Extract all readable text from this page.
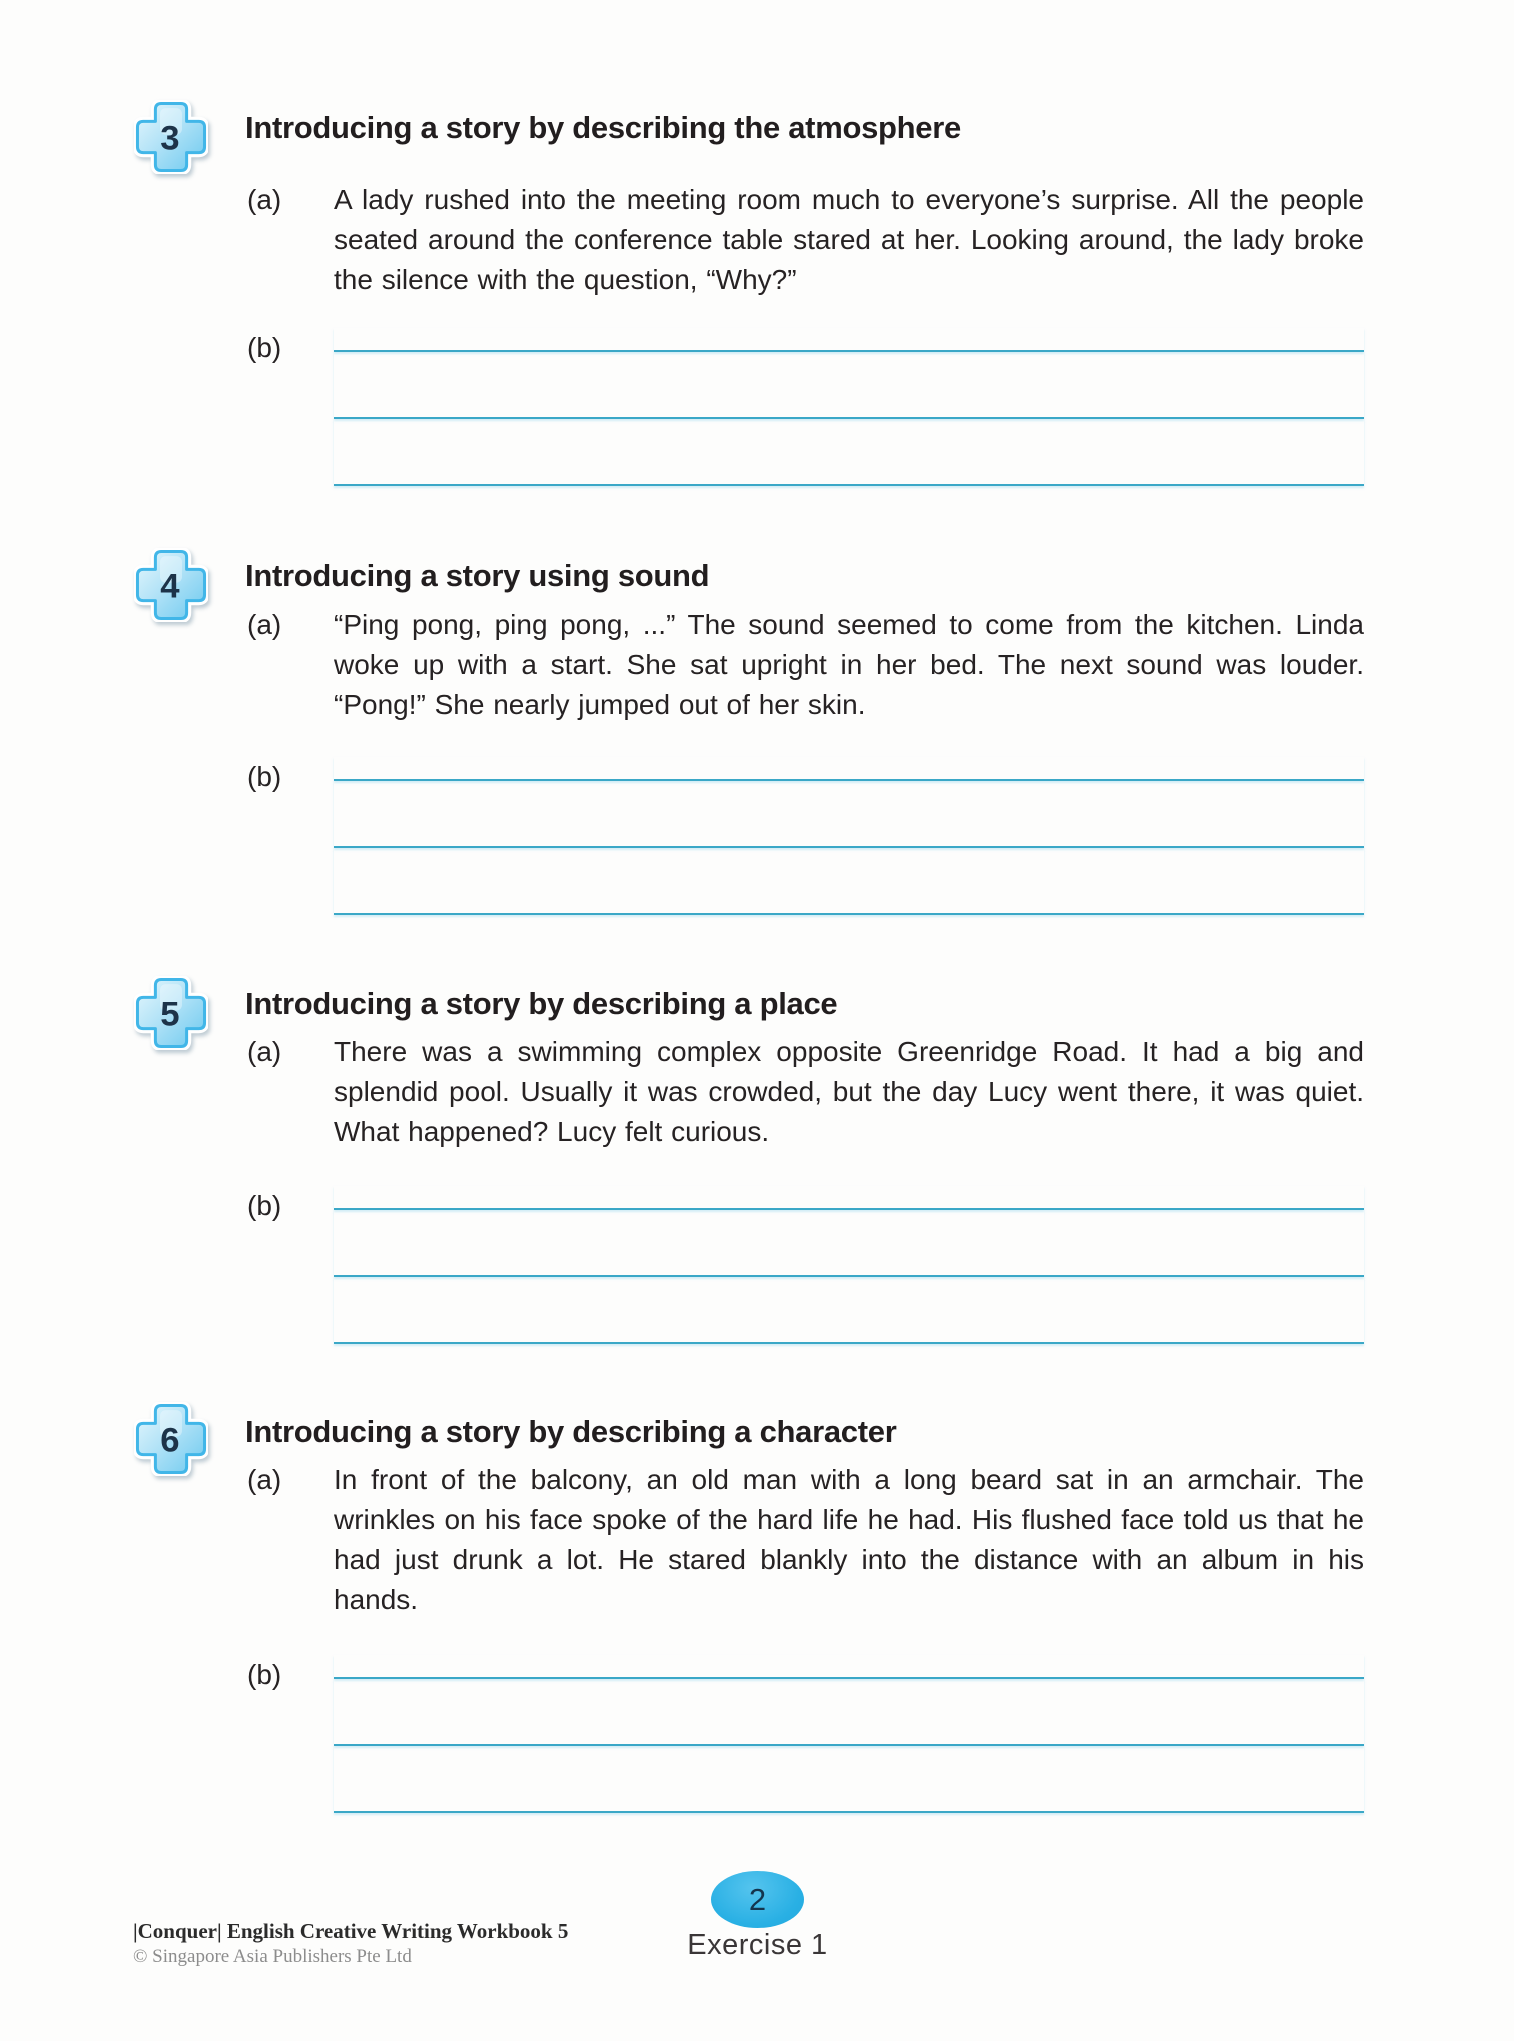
3 Introducing a story by describing the atmosphere
(a)	A lady rushed into the meeting room much to everyone’s surprise. All the people seated around the conference table stared at her. Looking around, the lady broke the silence with the question, “Why?”

(b)
4 Introducing a story using sound
(a)	“Ping pong, ping pong, ...” The sound seemed to come from the kitchen. Linda woke up with a start. She sat upright in her bed. The next sound was louder. “Pong!” She nearly jumped out of her skin.

(b)
5 Introducing a story by describing a place
(a)	There was a swimming complex opposite Greenridge Road. It had a big and splendid pool. Usually it was crowded, but the day Lucy went there, it was quiet. What happened? Lucy felt curious.

(b)
6 Introducing a story by describing a character
(a)	In front of the balcony, an old man with a long beard sat in an armchair. The wrinkles on his face spoke of the hard life he had. His flushed face told us that he had just drunk a lot. He stared blankly into the distance with an album in his hands.

(b)
2
Exercise 1
|Conquer| English Creative Writing Workbook 5
© Singapore Asia Publishers Pte Ltd
